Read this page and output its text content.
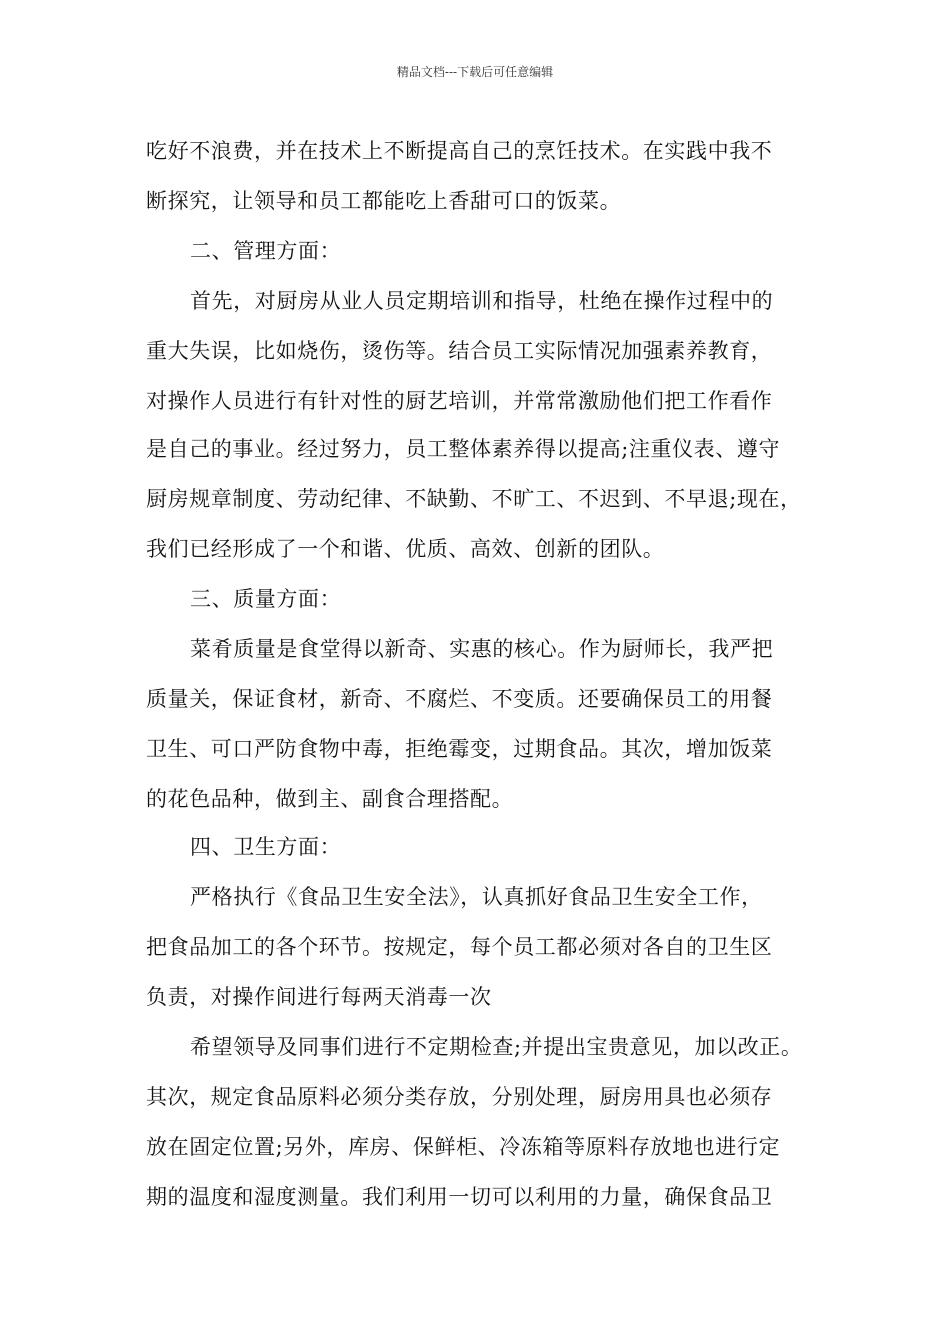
精品文档---下载后可任意编辑
吃好不浪费，并在技术上不断提高自己的烹饪技术。在实践中我不
断探究，让领导和员工都能吃上香甜可口的饭菜。
二、管理方面：
首先，对厨房从业人员定期培训和指导，杜绝在操作过程中的
重大失误，比如烧伤，烫伤等。结合员工实际情况加强素养教育，
对操作人员进行有针对性的厨艺培训，并常常激励他们把工作看作
是自己的事业。经过努力，员工整体素养得以提高;注重仪表、遵守
厨房规章制度、劳动纪律、不缺勤、不旷工、不迟到、不早退;现在，
我们已经形成了一个和谐、优质、高效、创新的团队。
三、质量方面：
菜肴质量是食堂得以新奇、实惠的核心。作为厨师长，我严把
质量关，保证食材，新奇、不腐烂、不变质。还要确保员工的用餐
卫生、可口严防食物中毒，拒绝霉变，过期食品。其次，增加饭菜
的花色品种，做到主、副食合理搭配。
四、卫生方面：
严格执行《食品卫生安全法》，认真抓好食品卫生安全工作，
把食品加工的各个环节。按规定，每个员工都必须对各自的卫生区
负责，对操作间进行每两天消毒一次
希望领导及同事们进行不定期检查;并提出宝贵意见，加以改正。
其次，规定食品原料必须分类存放，分别处理，厨房用具也必须存
放在固定位置;另外，库房、保鲜柜、冷冻箱等原料存放地也进行定
期的温度和湿度测量。我们利用一切可以利用的力量，确保食品卫
